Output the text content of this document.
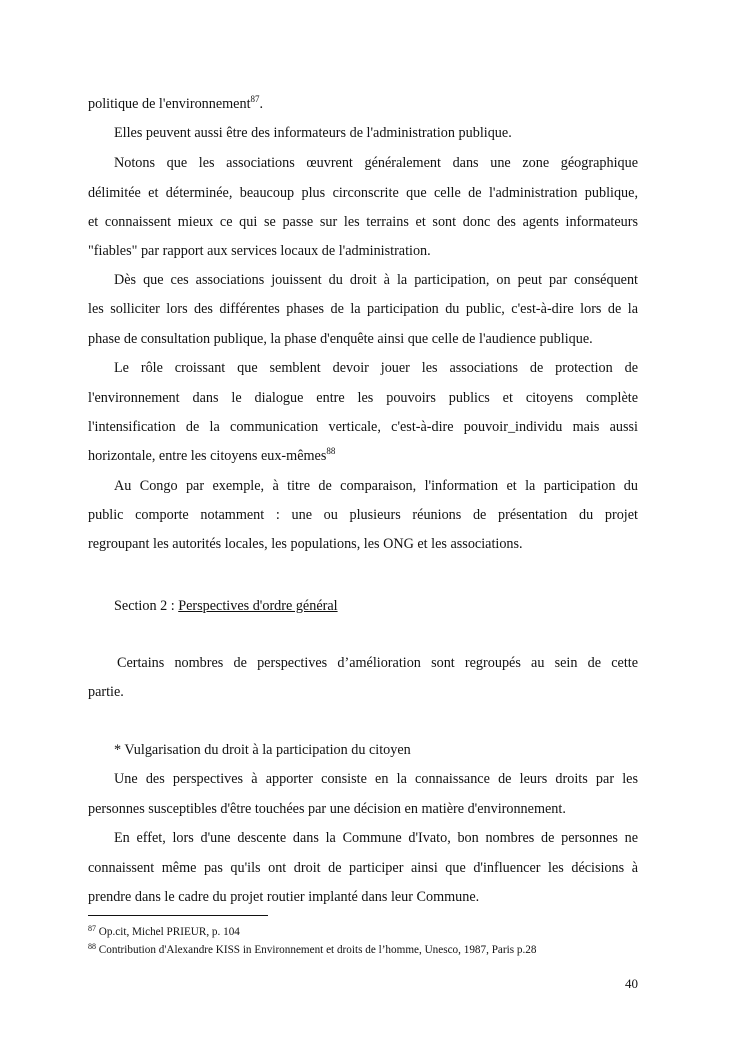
politique de l'environnement$^{87}$.
Elles peuvent aussi être des informateurs de l'administration publique.
Notons que les associations œuvrent généralement dans une zone géographique
délimitée et déterminée, beaucoup plus circonscrite que celle de l'administration publique,
et connaissent mieux ce qui se passe sur les terrains et sont donc des agents informateurs
"fiables" par rapport aux services locaux de l'administration.
Dès que ces associations jouissent du droit à la participation, on peut par conséquent
les solliciter lors des différentes phases de la participation du public, c'est-à-dire lors de la
phase de consultation publique, la phase d'enquête ainsi que celle de l'audience publique.
Le rôle croissant que semblent devoir jouer les associations de protection de
l'environnement dans le dialogue entre les pouvoirs publics et citoyens complète
l'intensification de la communication verticale, c'est-à-dire pouvoir_individu mais aussi
horizontale, entre les citoyens eux-mêmes$^{88}$
Au Congo par exemple, à titre de comparaison, l'information et la participation du
public comporte notamment : une ou plusieurs réunions de présentation du projet
regroupant les autorités locales, les populations, les ONG et les associations.
Section 2 : Perspectives d'ordre général
Certains nombres de perspectives d’amélioration sont regroupés au sein de cette
partie.
* Vulgarisation du droit à la participation du citoyen
Une des perspectives à apporter consiste en la connaissance de leurs droits par les
personnes susceptibles d'être touchées par une décision en matière d'environnement.
En effet, lors d'une descente dans la Commune d'Ivato, bon nombres de personnes ne
connaissent même pas qu'ils ont droit de participer ainsi que d'influencer les décisions à
prendre dans le cadre du projet routier implanté dans leur Commune.
$^{87}$ Op.cit, Michel PRIEUR, p. 104
$^{88}$ Contribution d'Alexandre KISS in Environnement et droits de l’homme, Unesco, 1987, Paris p.28
40
